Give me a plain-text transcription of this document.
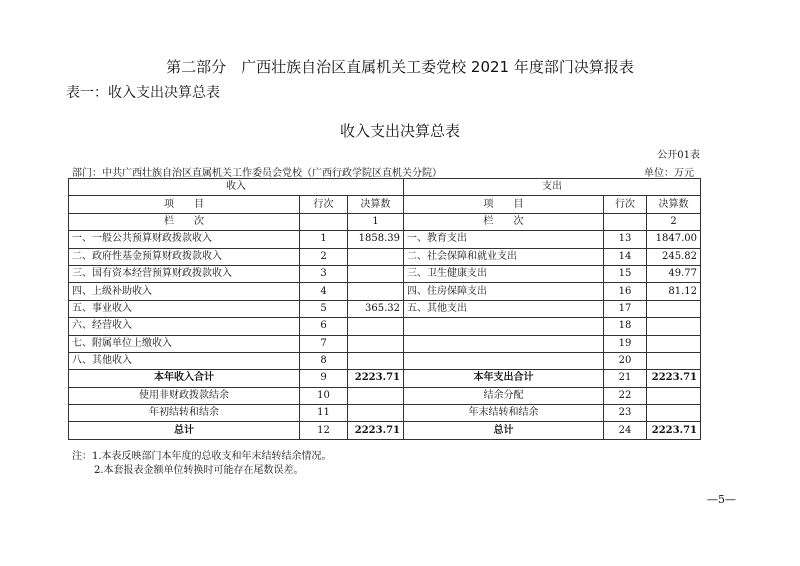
第二部分　广西壮族自治区直属机关工委党校 2021 年度部门决算报表
表一：收入支出决算总表
收入支出决算总表
公开01表
部门：中共广西壮族自治区直属机关工作委员会党校（广西行政学院区直机关分院）	单位：万元
收入			支出		
项　　目	行次	决算数	项　　目	行次	决算数
栏　　次		1	栏　　次		2
一、一般公共预算财政拨款收入	1	1858.39	一、教育支出	13	1847.00
二、政府性基金预算财政拨款收入	2		二、社会保障和就业支出	14	245.82
三、国有资本经营预算财政拨款收入	3		三、卫生健康支出	15	49.77
四、上级补助收入	4		四、住房保障支出	16	81.12
五、事业收入	5	365.32	五、其他支出	17	
六、经营收入	6			18	
七、附属单位上缴收入	7			19	
八、其他收入	8			20	
本年收入合计	9	2223.71	本年支出合计	21	2223.71
使用非财政拨款结余	10		结余分配	22	
年初结转和结余	11		年末结转和结余	23	
总计	12	2223.71	总计	24	2223.71
注：1.本表反映部门本年度的总收支和年末结转结余情况。
2.本套报表金额单位转换时可能存在尾数误差。
—5—
